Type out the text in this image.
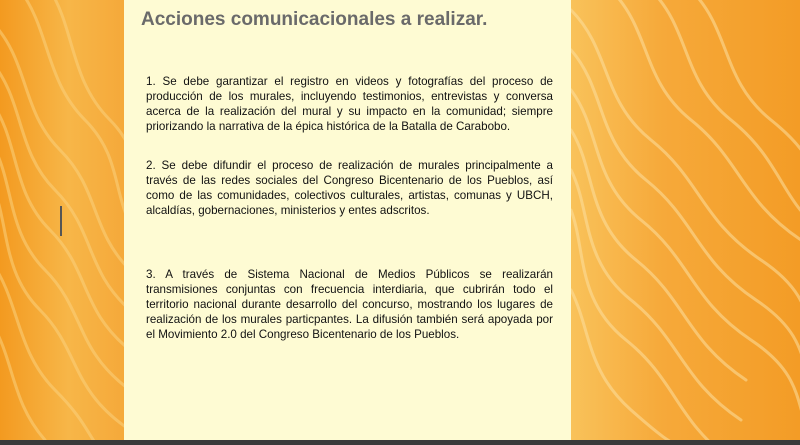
Acciones comunicacionales a realizar.

1. Se debe garantizar el registro en videos y fotografías del proceso de producción de los murales, incluyendo testimonios, entrevistas y conversa acerca de la realización del mural y su impacto en la comunidad; siempre priorizando la narrativa de la épica histórica de la Batalla de Carabobo.

2. Se debe difundir el proceso de realización de murales principalmente a través de las redes sociales del Congreso Bicentenario de los Pueblos, así como de las comunidades, colectivos culturales, artistas, comunas y UBCH, alcaldías, gobernaciones, ministerios y entes adscritos.

3. A través de Sistema Nacional de Medios Públicos se realizarán transmisiones conjuntas con frecuencia interdiaria, que cubrirán todo el territorio nacional durante desarrollo del concurso, mostrando los lugares de realización de los murales particpantes. La difusión también será apoyada por el Movimiento 2.0 del Congreso Bicentenario de los Pueblos.
